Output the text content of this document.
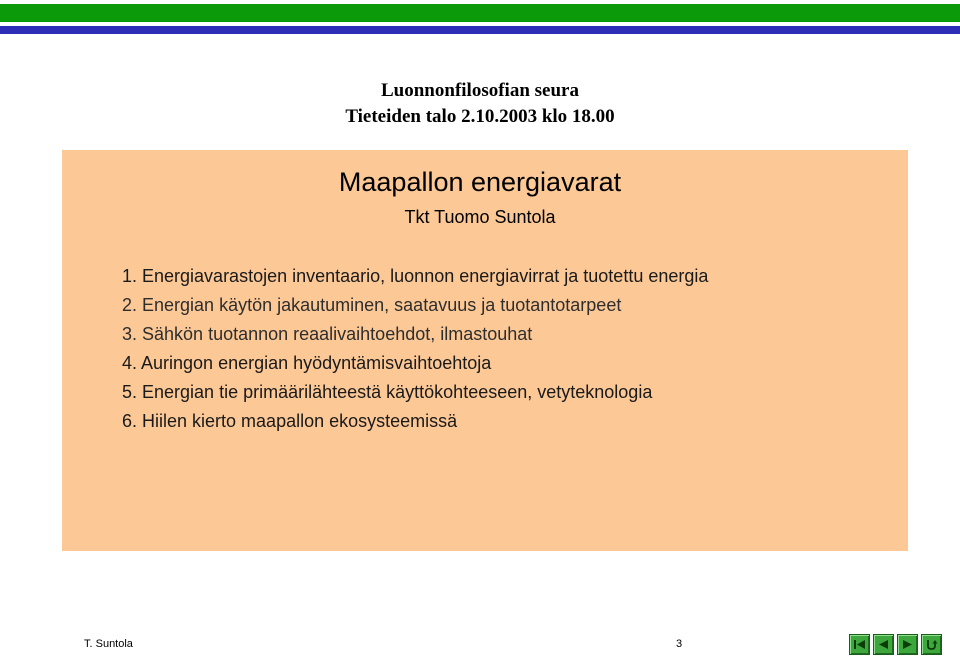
Luonnonfilosofian seura
Tieteiden talo 2.10.2003 klo 18.00
Maapallon energiavarat
Tkt Tuomo Suntola
1. Energiavarastojen inventaario, luonnon energiavirrat ja tuotettu energia
2. Energian käytön jakautuminen, saatavuus ja tuotantotarpeet
3. Sähkön tuotannon reaalivaihtoehdot, ilmastouhat
4. Auringon energian hyödyntämisvaihtoehtoja
5. Energian tie primäärilähteestä käyttökohteeseen, vetyteknologia
6. Hiilen kierto maapallon ekosysteemissä
T. Suntola	3
